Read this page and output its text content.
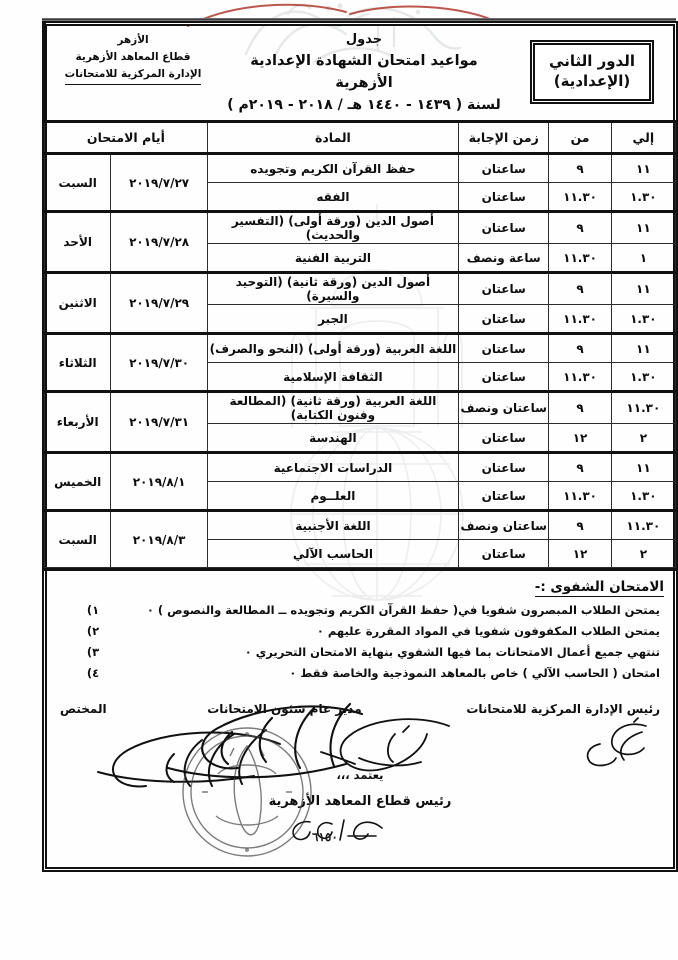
الدور الثاني
(الإعدادية)
جدول
مواعيد امتحان الشهادة الإعدادية الأزهرية
لسنة ( ١٤٣٩ - ١٤٤٠ هـ / ٢٠١٨ - ٢٠١٩م )
الأزهر
قطاع المعاهد الأزهرية
الإدارة المركزية للامتحانات
إلي	من	زمن الإجابة	المادة	أيام الامتحان	
١١	٩	ساعتان	حفظ القرآن الكريم وتجويده	٢٠١٩/٧/٢٧	السبت
١.٣٠	١١.٣٠	ساعتان	الفقه		
١١	٩	ساعتان	أصول الدين (ورقة أولى) (التفسير والحديث)	٢٠١٩/٧/٢٨	الأحد
١	١١.٣٠	ساعة ونصف	التربية الفنية		
١١	٩	ساعتان	أصول الدين (ورقة ثانية) (التوحيد والسيرة)	٢٠١٩/٧/٢٩	الاثنين
١.٣٠	١١.٣٠	ساعتان	الجبر		
١١	٩	ساعتان	اللغة العربية (ورقة أولى) (النحو والصرف)	٢٠١٩/٧/٣٠	الثلاثاء
١.٣٠	١١.٣٠	ساعتان	الثقافة الإسلامية		
١١.٣٠	٩	ساعتان ونصف	اللغة العربية (ورقة ثانية) (المطالعة وفنون الكتابة)	٢٠١٩/٧/٣١	الأربعاء
٢	١٢	ساعتان	الهندسة		
١١	٩	ساعتان	الدراسات الاجتماعية	٢٠١٩/٨/١	الخميس
١.٣٠	١١.٣٠	ساعتان	العلــوم		
١١.٣٠	٩	ساعتان ونصف	اللغة الأجنبية	٢٠١٩/٨/٣	السبت
٢	١٢	ساعتان	الحاسب الآلي		
الامتحان الشفوى :-
يمتحن الطلاب المبصرون شفويا في( حفظ القرآن الكريم وتجويده ــ المطالعة والنصوص ) ٠
١)
يمتحن الطلاب المكفوفون شفويا في المواد المقررة عليهم ٠
٢)
تنتهي جميع أعمال الامتحانات بما فيها الشفوي بنهاية الامتحان التحريري ٠
٣)
امتحان ( الحاسب الآلي ) خاص بالمعاهد النموذجية والخاصة فقط ٠
٤)
رئيس الإدارة المركزية للامتحانات
مدير عام شئون الامتحانات
المختص
يعتمد ،،،
رئيس قطاع المعاهد الأزهرية
٦١٥٠
